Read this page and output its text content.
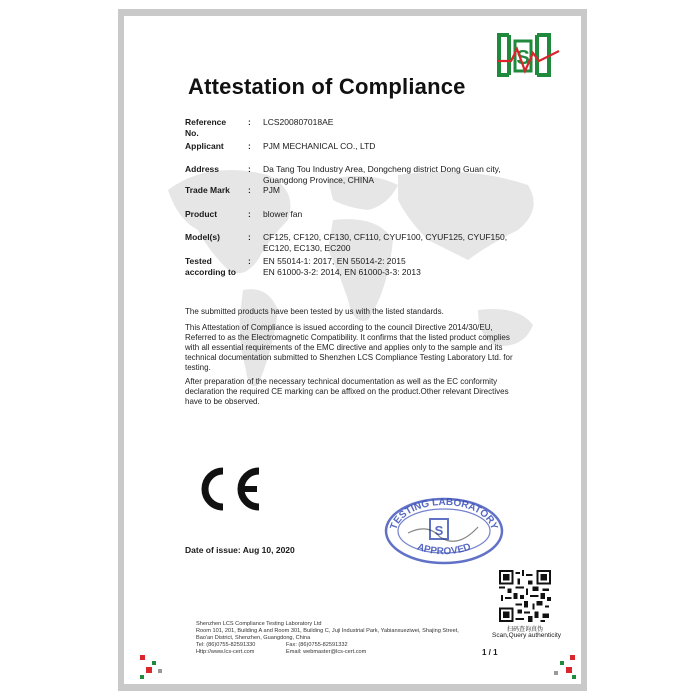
S
Attestation of Compliance
Reference No.
: LCS200807018AE
Applicant	: PJM MECHANICAL CO., LTD
Address	: Da Tang Tou Industry Area, Dongcheng district Dong Guan city, Guangdong Province, CHINA
Trade Mark	: PJM
Product	: blower fan
Model(s)	: CF125, CF120, CF130, CF110, CYUF100, CYUF125, CYUF150, EC120, EC130, EC200
Tested according to
: EN 55014-1: 2017, EN 55014-2: 2015
EN 61000-3-2: 2014, EN 61000-3-3: 2013

The submitted products have been tested by us with the listed standards.

This Attestation of Compliance is issued according to the council Directive 2014/30/EU, Referred to as the Electromagnetic Compatibility. It confirms that the listed product complies with all essential requirements of the EMC directive and applies only to the sample and its technical documentation submitted to Shenzhen LCS Compliance Testing Laboratory Ltd. for testing.

After preparation of the necessary technical documentation as well as the EC conformity declaration the required CE marking can be affixed on the product.Other relevant Directives have to be observed.

TESTING LABORATORY
APPROVED
S
Date of issue: Aug 10, 2020
扫码查询真伪
Scan,Query authenticity
Shenzhen LCS Compliance Testing Laboratory Ltd
Room 101, 201, Building A and Room 301, Building C, Juji Industrial Park, Yabianxueziwei, Shajing Street,
Bao'an District, Shenzhen, Guangdong, China
Tel: (86)0755-82591330
Http://www.lcs-cert.com
Fax: (86)0755-82591332
Email: webmaster@lcs-cert.com	1 / 1
